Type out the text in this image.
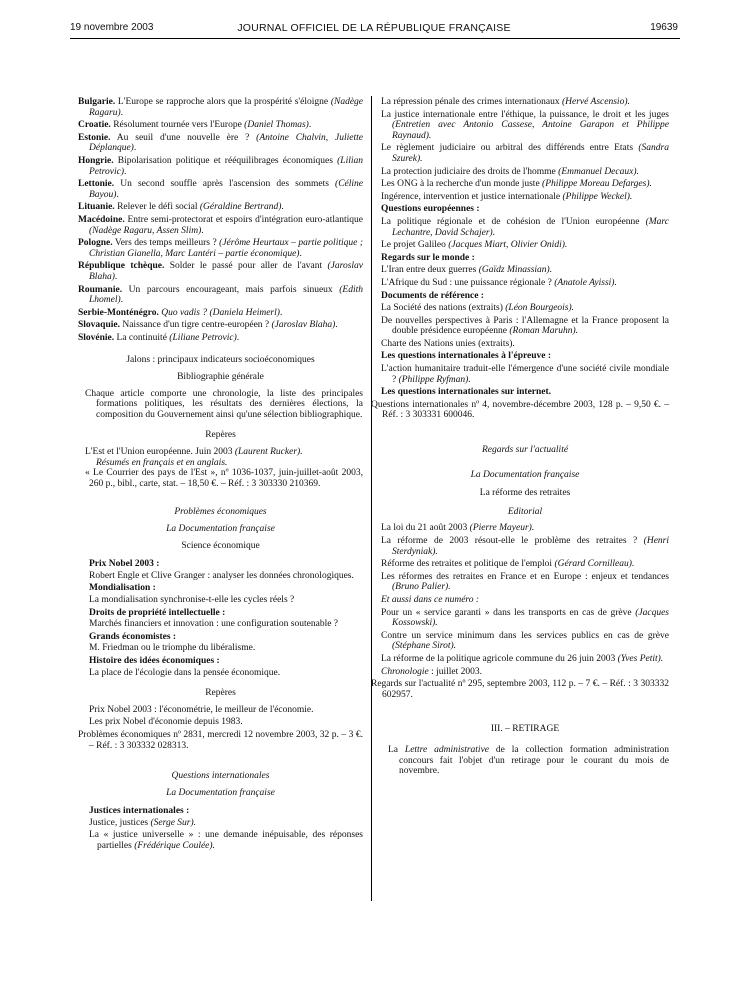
19 novembre 2003	JOURNAL OFFICIEL DE LA RÉPUBLIQUE FRANÇAISE	19639

Bulgarie. L'Europe se rapproche alors que la prospérité s'éloigne (Nadège Ragaru).

Croatie. Résolument tournée vers l'Europe (Daniel Thomas).

Estonie. Au seuil d'une nouvelle ère ? (Antoine Chalvin, Juliette Déplanque).

Hongrie. Bipolarisation politique et rééquilibrages économiques (Lilian Petrovic).

Lettonie. Un second souffle après l'ascension des sommets (Céline Bayou).

Lituanie. Relever le défi social (Géraldine Bertrand).

Macédoine. Entre semi-protectorat et espoirs d'intégration euro-atlantique (Nadège Ragaru, Assen Slim).

Pologne. Vers des temps meilleurs ? (Jérôme Heurtaux – partie politique ; Christian Gianella, Marc Lantéri – partie économique).

République tchèque. Solder le passé pour aller de l'avant (Jaroslav Blaha).

Roumanie. Un parcours encourageant, mais parfois sinueux (Edith Lhomel).

Serbie-Monténégro. Quo vadis ? (Daniela Heimerl).

Slovaquie. Naissance d'un tigre centre-européen ? (Jaroslav Blaha).

Slovénie. La continuité (Liliane Petrovic).

Jalons : principaux indicateurs socioéconomiques

Bibliographie générale

Chaque article comporte une chronologie, la liste des principales formations politiques, les résultats des dernières élections, la composition du Gouvernement ainsi qu'une sélection bibliographique.

Repères

L'Est et l'Union européenne. Juin 2003 (Laurent Rucker).
Résumés en français et en anglais.

« Le Courrier des pays de l'Est », nº 1036-1037, juin-juillet-août 2003, 260 p., bibl., carte, stat. – 18,50 €. – Réf. : 3 303330 210369.

Problèmes économiques

La Documentation française

Science économique

Prix Nobel 2003 :

Robert Engle et Clive Granger : analyser les données chronologiques.

Mondialisation :

La mondialisation synchronise-t-elle les cycles réels ?

Droits de propriété intellectuelle :

Marchés financiers et innovation : une configuration soutenable ?

Grands économistes :

M. Friedman ou le triomphe du libéralisme.

Histoire des idées économiques :

La place de l'écologie dans la pensée économique.

Repères

Prix Nobel 2003 : l'économétrie, le meilleur de l'économie.

Les prix Nobel d'économie depuis 1983.

Problèmes économiques nº 2831, mercredi 12 novembre 2003, 32 p. – 3 €. – Réf. : 3 303332 028313.

Questions internationales

La Documentation française

Justices internationales :

Justice, justices (Serge Sur).

La « justice universelle » : une demande inépuisable, des réponses partielles (Frédérique Coulée).

La répression pénale des crimes internationaux (Hervé Ascensio).

La justice internationale entre l'éthique, la puissance, le droit et les juges (Entretien avec Antonio Cassese, Antoine Garapon et Philippe Raynaud).

Le règlement judiciaire ou arbitral des différends entre Etats (Sandra Szurek).

La protection judiciaire des droits de l'homme (Emmanuel Decaux).

Les ONG à la recherche d'un monde juste (Philippe Moreau Defarges).

Ingérence, intervention et justice internationale (Philippe Weckel).

Questions européennes :

La politique régionale et de cohésion de l'Union européenne (Marc Lechantre, David Schajer).

Le projet Galileo (Jacques Miart, Olivier Onidi).

Regards sur le monde :

L'Iran entre deux guerres (Gaïdz Minassian).

L'Afrique du Sud : une puissance régionale ? (Anatole Ayissi).

Documents de référence :

La Société des nations (extraits) (Léon Bourgeois).

De nouvelles perspectives à Paris : l'Allemagne et la France proposent la double présidence européenne (Roman Maruhn).

Charte des Nations unies (extraits).

Les questions internationales à l'épreuve :

L'action humanitaire traduit-elle l'émergence d'une société civile mondiale ? (Philippe Ryfman).

Les questions internationales sur internet.

Questions internationales nº 4, novembre-décembre 2003, 128 p. – 9,50 €. – Réf. : 3 303331 600046.

Regards sur l'actualité

La Documentation française

La réforme des retraites

Editorial

La loi du 21 août 2003 (Pierre Mayeur).

La réforme de 2003 résout-elle le problème des retraites ? (Henri Sterdyniak).

Réforme des retraites et politique de l'emploi (Gérard Cornilleau).

Les réformes des retraites en France et en Europe : enjeux et tendances (Bruno Palier).

Et aussi dans ce numéro :

Pour un « service garanti » dans les transports en cas de grève (Jacques Kossowski).

Contre un service minimum dans les services publics en cas de grève (Stéphane Sirot).

La réforme de la politique agricole commune du 26 juin 2003 (Yves Petit).

Chronologie : juillet 2003.

Regards sur l'actualité nº 295, septembre 2003, 112 p. – 7 €. – Réf. : 3 303332 602957.

III. – RETIRAGE

La Lettre administrative de la collection formation administration concours fait l'objet d'un retirage pour le courant du mois de novembre.
